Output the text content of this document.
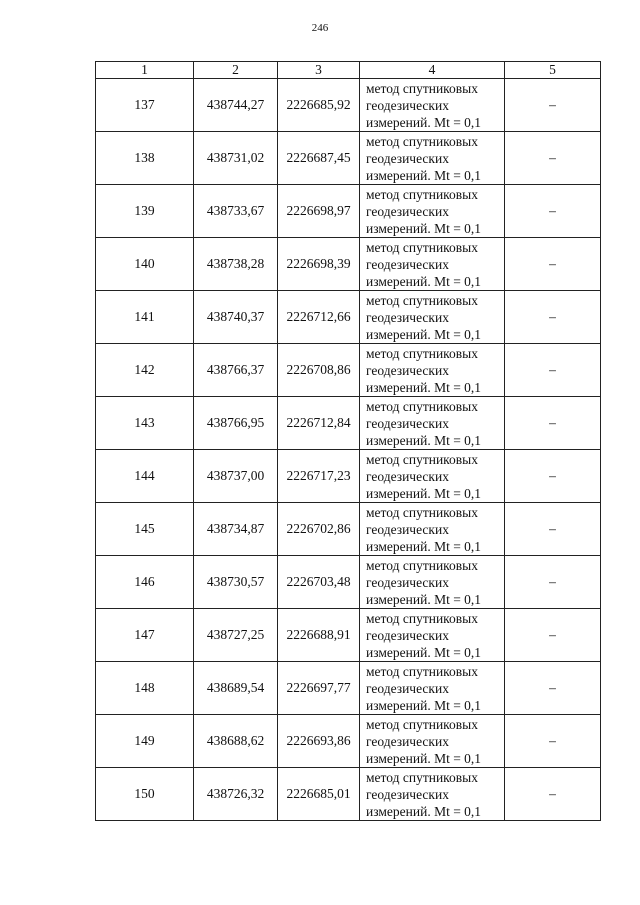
246
1	2	3	4	5
137	438744,27	2226685,92	метод спутниковых
геодезических
измерений. Mt = 0,1	–
138	438731,02	2226687,45	метод спутниковых
геодезических
измерений. Mt = 0,1	–
139	438733,67	2226698,97	метод спутниковых
геодезических
измерений. Mt = 0,1	–
140	438738,28	2226698,39	метод спутниковых
геодезических
измерений. Mt = 0,1	–
141	438740,37	2226712,66	метод спутниковых
геодезических
измерений. Mt = 0,1	–
142	438766,37	2226708,86	метод спутниковых
геодезических
измерений. Mt = 0,1	–
143	438766,95	2226712,84	метод спутниковых
геодезических
измерений. Mt = 0,1	–
144	438737,00	2226717,23	метод спутниковых
геодезических
измерений. Mt = 0,1	–
145	438734,87	2226702,86	метод спутниковых
геодезических
измерений. Mt = 0,1	–
146	438730,57	2226703,48	метод спутниковых
геодезических
измерений. Mt = 0,1	–
147	438727,25	2226688,91	метод спутниковых
геодезических
измерений. Mt = 0,1	–
148	438689,54	2226697,77	метод спутниковых
геодезических
измерений. Mt = 0,1	–
149	438688,62	2226693,86	метод спутниковых
геодезических
измерений. Mt = 0,1	–
150	438726,32	2226685,01	метод спутниковых
геодезических
измерений. Mt = 0,1	–
